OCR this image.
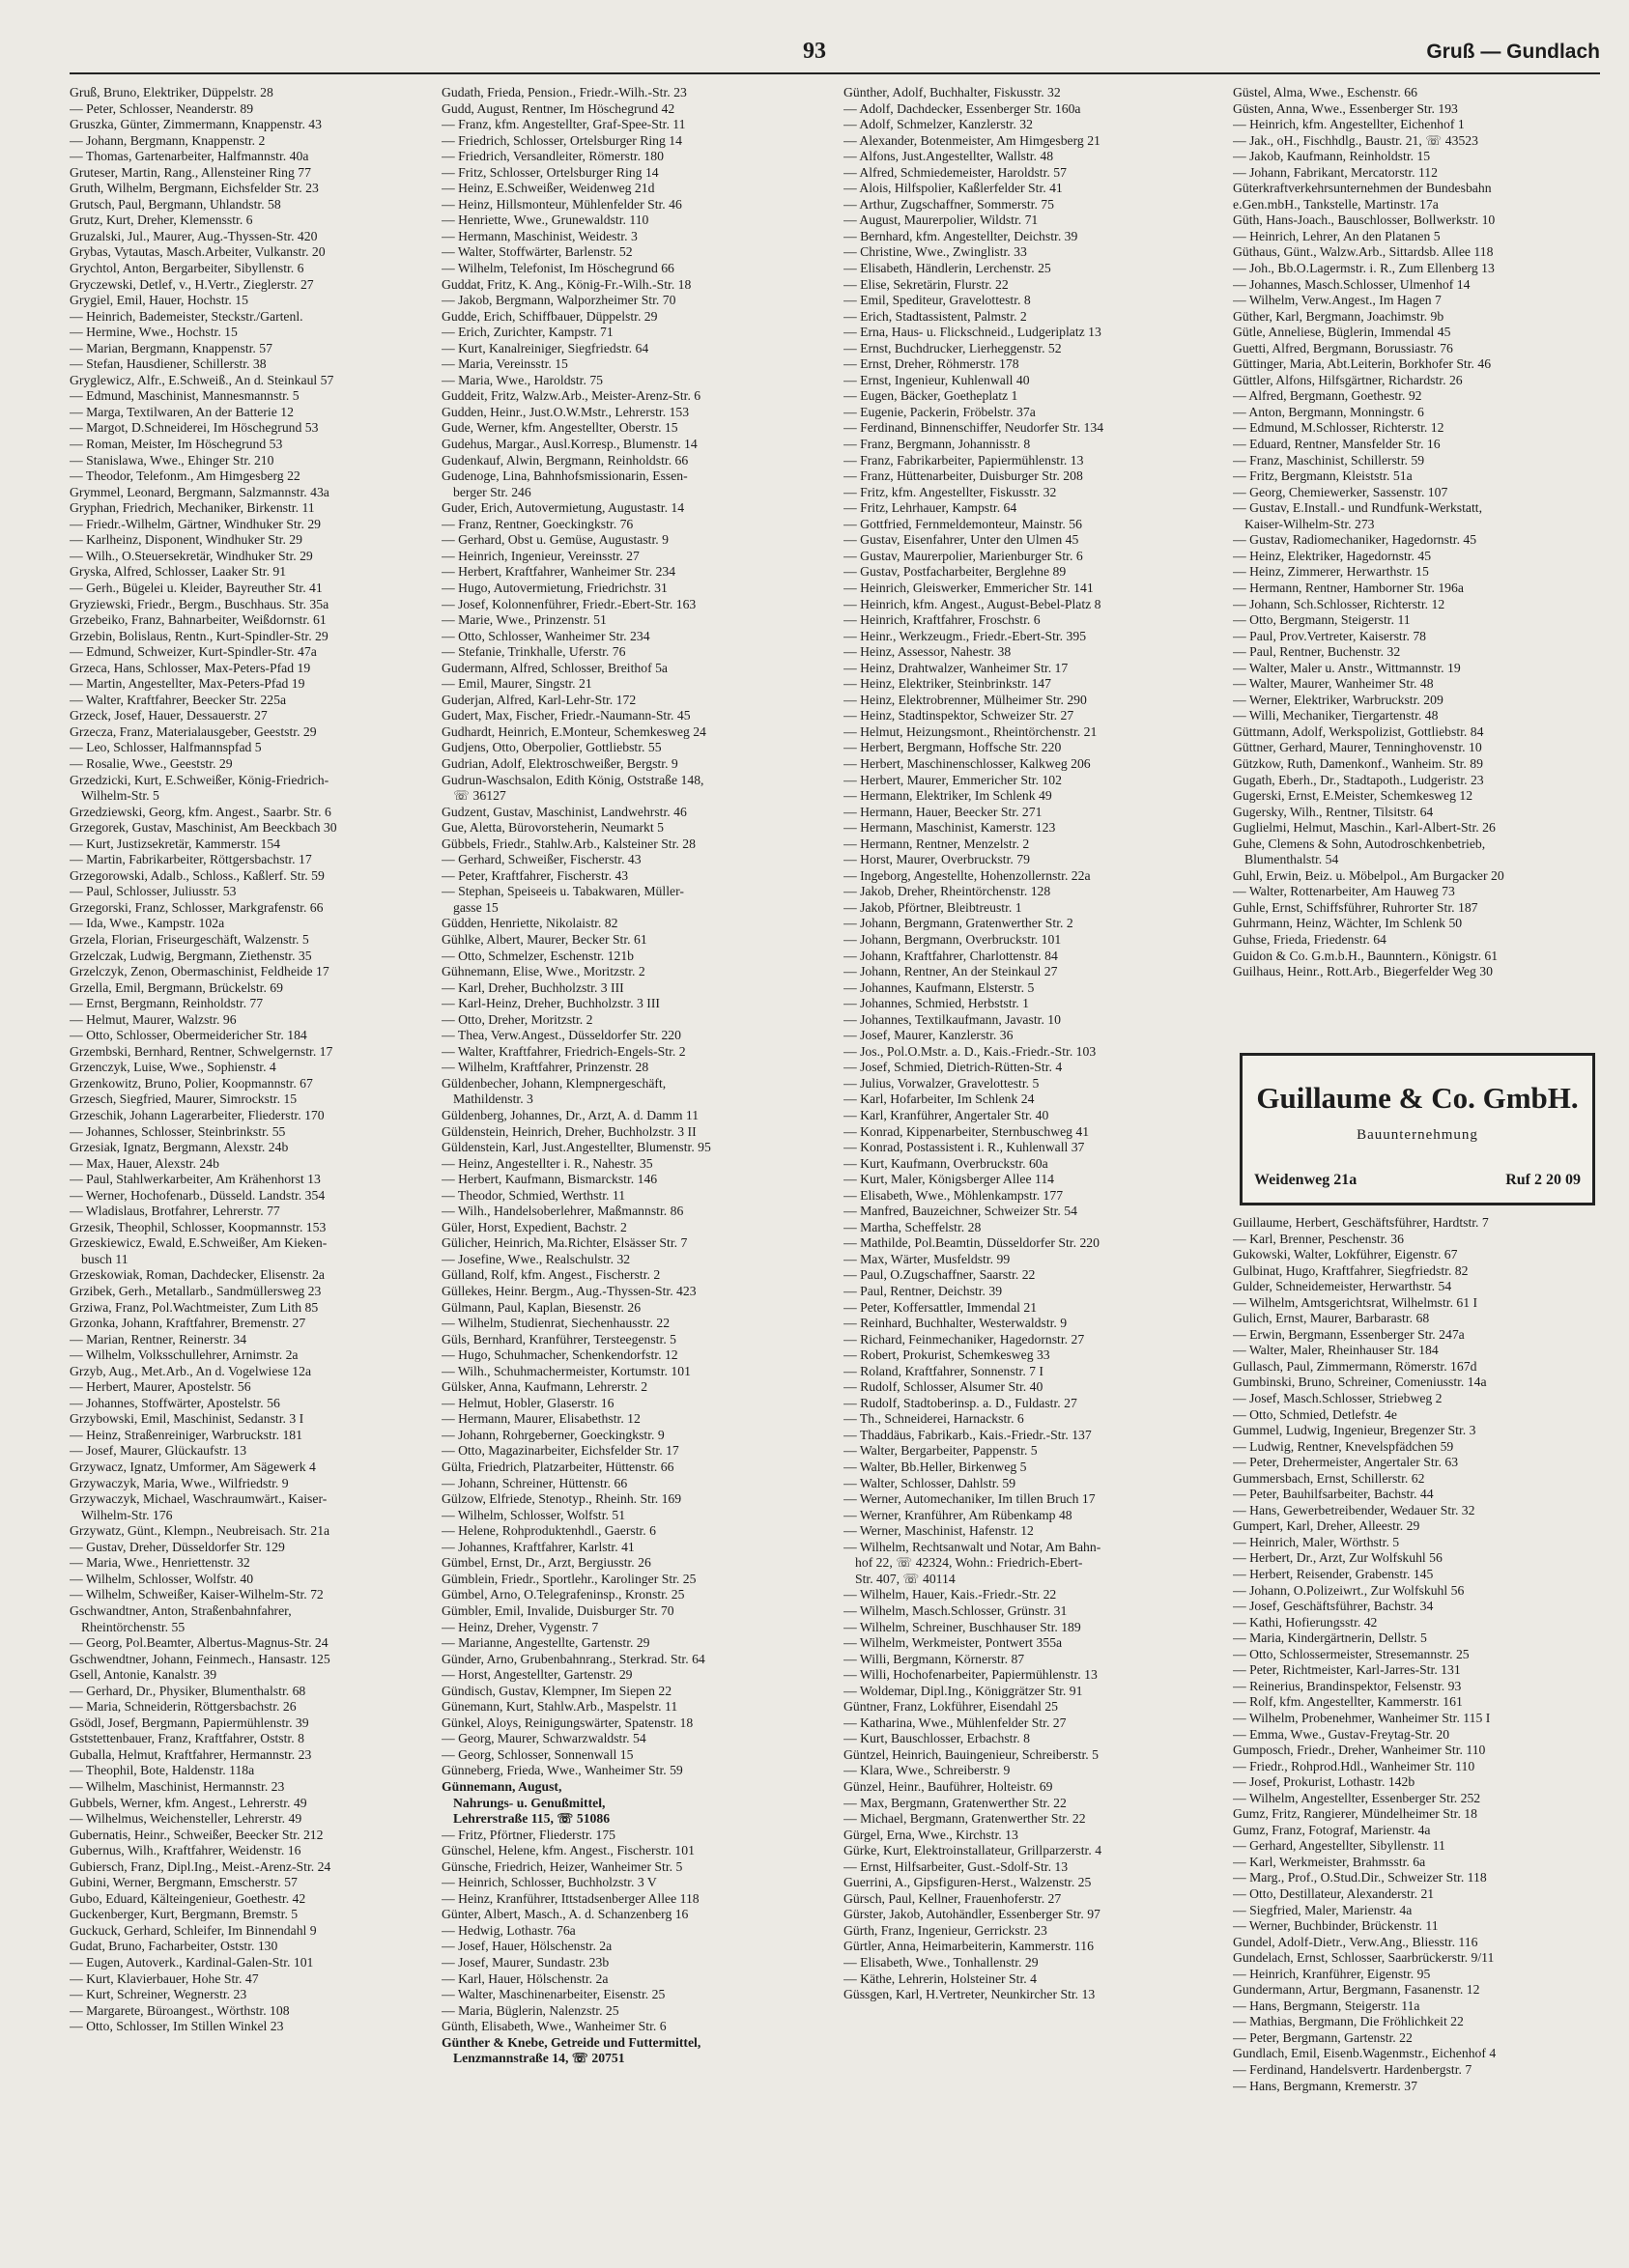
93	Gruß — Gundlach
Gruß, Bruno, Elektriker, Düppelstr. 28
— Peter, Schlosser, Neanderstr. 89
Gruszka, Günter, Zimmermann, Knappenstr. 43
— Johann, Bergmann, Knappenstr. 2
— Thomas, Gartenarbeiter, Halfmannstr. 40a
Gruteser, Martin, Rang., Allensteiner Ring 77
Gruth, Wilhelm, Bergmann, Eichsfelder Str. 23
Grutsch, Paul, Bergmann, Uhlandstr. 58
Grutz, Kurt, Dreher, Klemensstr. 6
Gruzalski, Jul., Maurer, Aug.-Thyssen-Str. 420
Grybas, Vytautas, Masch.Arbeiter, Vulkanstr. 20
Grychtol, Anton, Bergarbeiter, Sibyllenstr. 6
Gryczewski, Detlef, v., H.Vertr., Zieglerstr. 27
Grygiel, Emil, Hauer, Hochstr. 15
— Heinrich, Bademeister, Steckstr./Gartenl.
— Hermine, Wwe., Hochstr. 15
— Marian, Bergmann, Knappenstr. 57
— Stefan, Hausdiener, Schillerstr. 38
Gryglewicz, Alfr., E.Schweiß., An d. Steinkaul 57
— Edmund, Maschinist, Mannesmannstr. 5
— Marga, Textilwaren, An der Batterie 12
— Margot, D.Schneiderei, Im Höschegrund 53
— Roman, Meister, Im Höschegrund 53
— Stanislawa, Wwe., Ehinger Str. 210
— Theodor, Telefonm., Am Himgesberg 22
Grymmel, Leonard, Bergmann, Salzmannstr. 43a
Gryphan, Friedrich, Mechaniker, Birkenstr. 11
— Friedr.-Wilhelm, Gärtner, Windhuker Str. 29
— Karlheinz, Disponent, Windhuker Str. 29
— Wilh., O.Steuersekretär, Windhuker Str. 29
Gryska, Alfred, Schlosser, Laaker Str. 91
— Gerh., Bügelei u. Kleider, Bayreuther Str. 41
Gryziewski, Friedr., Bergm., Buschhaus. Str. 35a
Grzebeiko, Franz, Bahnarbeiter, Weißdornstr. 61
Grzebin, Bolislaus, Rentn., Kurt-Spindler-Str. 29
— Edmund, Schweizer, Kurt-Spindler-Str. 47a
Grzeca, Hans, Schlosser, Max-Peters-Pfad 19
— Martin, Angestellter, Max-Peters-Pfad 19
— Walter, Kraftfahrer, Beecker Str. 225a
Grzeck, Josef, Hauer, Dessauerstr. 27
Grzecza, Franz, Materialausgeber, Geeststr. 29
— Leo, Schlosser, Halfmannspfad 5
— Rosalie, Wwe., Geeststr. 29
Grzedzicki, Kurt, E.Schweißer, König-Friedrich-
Wilhelm-Str. 5
Grzedziewski, Georg, kfm. Angest., Saarbr. Str. 6
Grzegorek, Gustav, Maschinist, Am Beeckbach 30
— Kurt, Justizsekretär, Kammerstr. 154
— Martin, Fabrikarbeiter, Röttgersbachstr. 17
Grzegorowski, Adalb., Schloss., Kaßlerf. Str. 59
— Paul, Schlosser, Juliusstr. 53
Grzegorski, Franz, Schlosser, Markgrafenstr. 66
— Ida, Wwe., Kampstr. 102a
Grzela, Florian, Friseurgeschäft, Walzenstr. 5
Grzelczak, Ludwig, Bergmann, Ziethenstr. 35
Grzelczyk, Zenon, Obermaschinist, Feldheide 17
Grzella, Emil, Bergmann, Brückelstr. 69
— Ernst, Bergmann, Reinholdstr. 77
— Helmut, Maurer, Walzstr. 96
— Otto, Schlosser, Obermeidericher Str. 184
Grzembski, Bernhard, Rentner, Schwelgernstr. 17
Grzenczyk, Luise, Wwe., Sophienstr. 4
Grzenkowitz, Bruno, Polier, Koopmannstr. 67
Grzesch, Siegfried, Maurer, Simrockstr. 15
Grzeschik, Johann Lagerarbeiter, Fliederstr. 170
— Johannes, Schlosser, Steinbrinkstr. 55
Grzesiak, Ignatz, Bergmann, Alexstr. 24b
— Max, Hauer, Alexstr. 24b
— Paul, Stahlwerkarbeiter, Am Krähenhorst 13
— Werner, Hochofenarb., Düsseld. Landstr. 354
— Wladislaus, Brotfahrer, Lehrerstr. 77
Grzesik, Theophil, Schlosser, Koopmannstr. 153
Grzeskiewicz, Ewald, E.Schweißer, Am Kieken-
busch 11
Grzeskowiak, Roman, Dachdecker, Elisenstr. 2a
Grzibek, Gerh., Metallarb., Sandmüllersweg 23
Grziwa, Franz, Pol.Wachtmeister, Zum Lith 85
Grzonka, Johann, Kraftfahrer, Bremenstr. 27
— Marian, Rentner, Reinerstr. 34
— Wilhelm, Volksschullehrer, Arnimstr. 2a
Grzyb, Aug., Met.Arb., An d. Vogelwiese 12a
— Herbert, Maurer, Apostelstr. 56
— Johannes, Stoffwärter, Apostelstr. 56
Grzybowski, Emil, Maschinist, Sedanstr. 3 I
— Heinz, Straßenreiniger, Warbruckstr. 181
— Josef, Maurer, Glückaufstr. 13
Grzywacz, Ignatz, Umformer, Am Sägewerk 4
Grzywaczyk, Maria, Wwe., Wilfriedstr. 9
Grzywaczyk, Michael, Waschraumwärt., Kaiser-
Wilhelm-Str. 176
Grzywatz, Günt., Klempn., Neubreisach. Str. 21a
— Gustav, Dreher, Düsseldorfer Str. 129
— Maria, Wwe., Henriettenstr. 32
— Wilhelm, Schlosser, Wolfstr. 40
— Wilhelm, Schweißer, Kaiser-Wilhelm-Str. 72
Gschwandtner, Anton, Straßenbahnfahrer,
Rheintörchenstr. 55
— Georg, Pol.Beamter, Albertus-Magnus-Str. 24
Gschwendtner, Johann, Feinmech., Hansastr. 125
Gsell, Antonie, Kanalstr. 39
— Gerhard, Dr., Physiker, Blumenthalstr. 68
— Maria, Schneiderin, Röttgersbachstr. 26
Gsödl, Josef, Bergmann, Papiermühlenstr. 39
Gststettenbauer, Franz, Kraftfahrer, Oststr. 8
Guballa, Helmut, Kraftfahrer, Hermannstr. 23
— Theophil, Bote, Haldenstr. 118a
— Wilhelm, Maschinist, Hermannstr. 23
Gubbels, Werner, kfm. Angest., Lehrerstr. 49
— Wilhelmus, Weichensteller, Lehrerstr. 49
Gubernatis, Heinr., Schweißer, Beecker Str. 212
Gubernus, Wilh., Kraftfahrer, Weidenstr. 16
Gubiersch, Franz, Dipl.Ing., Meist.-Arenz-Str. 24
Gubini, Werner, Bergmann, Emscherstr. 57
Gubo, Eduard, Kälteingenieur, Goethestr. 42
Guckenberger, Kurt, Bergmann, Bremstr. 5
Guckuck, Gerhard, Schleifer, Im Binnendahl 9
Gudat, Bruno, Facharbeiter, Oststr. 130
— Eugen, Autoverk., Kardinal-Galen-Str. 101
— Kurt, Klavierbauer, Hohe Str. 47
— Kurt, Schreiner, Wegnerstr. 23
— Margarete, Büroangest., Wörthstr. 108
— Otto, Schlosser, Im Stillen Winkel 23
Gudath, Frieda, Pension., Friedr.-Wilh.-Str. 23
Gudd, August, Rentner, Im Höschegrund 42
— Franz, kfm. Angestellter, Graf-Spee-Str. 11
— Friedrich, Schlosser, Ortelsburger Ring 14
— Friedrich, Versandleiter, Römerstr. 180
— Fritz, Schlosser, Ortelsburger Ring 14
— Heinz, E.Schweißer, Weidenweg 21d
— Heinz, Hillsmonteur, Mühlenfelder Str. 46
— Henriette, Wwe., Grunewaldstr. 110
— Hermann, Maschinist, Weidestr. 3
— Walter, Stoffwärter, Barlenstr. 52
— Wilhelm, Telefonist, Im Höschegrund 66
Guddat, Fritz, K. Ang., König-Fr.-Wilh.-Str. 18
— Jakob, Bergmann, Walporzheimer Str. 70
Gudde, Erich, Schiffbauer, Düppelstr. 29
— Erich, Zurichter, Kampstr. 71
— Kurt, Kanalreiniger, Siegfriedstr. 64
— Maria, Vereinsstr. 15
— Maria, Wwe., Haroldstr. 75
Guddeit, Fritz, Walzw.Arb., Meister-Arenz-Str. 6
Gudden, Heinr., Just.O.W.Mstr., Lehrerstr. 153
Gude, Werner, kfm. Angestellter, Oberstr. 15
Gudehus, Margar., Ausl.Korresp., Blumenstr. 14
Gudenkauf, Alwin, Bergmann, Reinholdstr. 66
Gudenoge, Lina, Bahnhofsmissionarin, Essen-
berger Str. 246
Guder, Erich, Autovermietung, Augustastr. 14
— Franz, Rentner, Goeckingkstr. 76
— Gerhard, Obst u. Gemüse, Augustastr. 9
— Heinrich, Ingenieur, Vereinsstr. 27
— Herbert, Kraftfahrer, Wanheimer Str. 234
— Hugo, Autovermietung, Friedrichstr. 31
— Josef, Kolonnenführer, Friedr.-Ebert-Str. 163
— Marie, Wwe., Prinzenstr. 51
— Otto, Schlosser, Wanheimer Str. 234
— Stefanie, Trinkhalle, Uferstr. 76
Gudermann, Alfred, Schlosser, Breithof 5a
— Emil, Maurer, Singstr. 21
Guderjan, Alfred, Karl-Lehr-Str. 172
Gudert, Max, Fischer, Friedr.-Naumann-Str. 45
Gudhardt, Heinrich, E.Monteur, Schemkesweg 24
Gudjens, Otto, Oberpolier, Gottliebstr. 55
Gudrian, Adolf, Elektroschweißer, Bergstr. 9
Gudrun-Waschsalon, Edith König, Oststraße 148,
☏ 36127
Gudzent, Gustav, Maschinist, Landwehrstr. 46
Gue, Aletta, Bürovorsteherin, Neumarkt 5
Gübbels, Friedr., Stahlw.Arb., Kalsteiner Str. 28
— Gerhard, Schweißer, Fischerstr. 43
— Peter, Kraftfahrer, Fischerstr. 43
— Stephan, Speiseeis u. Tabakwaren, Müller-
gasse 15
Güdden, Henriette, Nikolaistr. 82
Gühlke, Albert, Maurer, Becker Str. 61
— Otto, Schmelzer, Eschenstr. 121b
Gühnemann, Elise, Wwe., Moritzstr. 2
— Karl, Dreher, Buchholzstr. 3 III
— Karl-Heinz, Dreher, Buchholzstr. 3 III
— Otto, Dreher, Moritzstr. 2
— Thea, Verw.Angest., Düsseldorfer Str. 220
— Walter, Kraftfahrer, Friedrich-Engels-Str. 2
— Wilhelm, Kraftfahrer, Prinzenstr. 28
Güldenbecher, Johann, Klempnergeschäft,
Mathildenstr. 3
Güldenberg, Johannes, Dr., Arzt, A. d. Damm 11
Güldenstein, Heinrich, Dreher, Buchholzstr. 3 II
Güldenstein, Karl, Just.Angestellter, Blumenstr. 95
— Heinz, Angestellter i. R., Nahestr. 35
— Herbert, Kaufmann, Bismarckstr. 146
— Theodor, Schmied, Werthstr. 11
— Wilh., Handelsoberlehrer, Maßmannstr. 86
Güler, Horst, Expedient, Bachstr. 2
Gülicher, Heinrich, Ma.Richter, Elsässer Str. 7
— Josefine, Wwe., Realschulstr. 32
Gülland, Rolf, kfm. Angest., Fischerstr. 2
Güllekes, Heinr. Bergm., Aug.-Thyssen-Str. 423
Gülmann, Paul, Kaplan, Biesenstr. 26
— Wilhelm, Studienrat, Siechenhausstr. 22
Güls, Bernhard, Kranführer, Tersteegenstr. 5
— Hugo, Schuhmacher, Schenkendorfstr. 12
— Wilh., Schuhmachermeister, Kortumstr. 101
Gülsker, Anna, Kaufmann, Lehrerstr. 2
— Helmut, Hobler, Glaserstr. 16
— Hermann, Maurer, Elisabethstr. 12
— Johann, Rohrgeberner, Goeckingkstr. 9
— Otto, Magazinarbeiter, Eichsfelder Str. 17
Gülta, Friedrich, Platzarbeiter, Hüttenstr. 66
— Johann, Schreiner, Hüttenstr. 66
Gülzow, Elfriede, Stenotyp., Rheinh. Str. 169
— Wilhelm, Schlosser, Wolfstr. 51
— Helene, Rohproduktenhdl., Gaerstr. 6
— Johannes, Kraftfahrer, Karlstr. 41
Gümbel, Ernst, Dr., Arzt, Bergiusstr. 26
Gümblein, Friedr., Sportlehr., Karolinger Str. 25
Gümbel, Arno, O.Telegrafeninsp., Kronstr. 25
Gümbler, Emil, Invalide, Duisburger Str. 70
— Heinz, Dreher, Vygenstr. 7
— Marianne, Angestellte, Gartenstr. 29
Günder, Arno, Grubenbahnrang., Sterkrad. Str. 64
— Horst, Angestellter, Gartenstr. 29
Gündisch, Gustav, Klempner, Im Siepen 22
Günemann, Kurt, Stahlw.Arb., Maspelstr. 11
Günkel, Aloys, Reinigungswärter, Spatenstr. 18
— Georg, Maurer, Schwarzwaldstr. 54
— Georg, Schlosser, Sonnenwall 15
Günneberg, Frieda, Wwe., Wanheimer Str. 59
Günnemann, August,
Nahrungs- u. Genußmittel,
Lehrerstraße 115, ☏ 51086
— Fritz, Pförtner, Fliederstr. 175
Günschel, Helene, kfm. Angest., Fischerstr. 101
Günsche, Friedrich, Heizer, Wanheimer Str. 5
— Heinrich, Schlosser, Buchholzstr. 3 V
— Heinz, Kranführer, Ittstadsenberger Allee 118
Günter, Albert, Masch., A. d. Schanzenberg 16
— Hedwig, Lothastr. 76a
— Josef, Hauer, Hölschenstr. 2a
— Josef, Maurer, Sundastr. 23b
— Karl, Hauer, Hölschenstr. 2a
— Walter, Maschinenarbeiter, Eisenstr. 25
— Maria, Büglerin, Nalenzstr. 25
Günth, Elisabeth, Wwe., Wanheimer Str. 6
Günther & Knebe, Getreide und Futtermittel,
Lenzmannstraße 14, ☏ 20751
Günther, Adolf, Buchhalter, Fiskusstr. 32
— Adolf, Dachdecker, Essenberger Str. 160a
— Adolf, Schmelzer, Kanzlerstr. 32
— Alexander, Botenmeister, Am Himgesberg 21
— Alfons, Just.Angestellter, Wallstr. 48
— Alfred, Schmiedemeister, Haroldstr. 57
— Alois, Hilfspolier, Kaßlerfelder Str. 41
— Arthur, Zugschaffner, Sommerstr. 75
— August, Maurerpolier, Wildstr. 71
— Bernhard, kfm. Angestellter, Deichstr. 39
— Christine, Wwe., Zwinglistr. 33
— Elisabeth, Händlerin, Lerchenstr. 25
— Elise, Sekretärin, Flurstr. 22
— Emil, Spediteur, Gravelottestr. 8
— Erich, Stadtassistent, Palmstr. 2
— Erna, Haus- u. Flickschneid., Ludgeriplatz 13
— Ernst, Buchdrucker, Lierheggenstr. 52
— Ernst, Dreher, Röhmerstr. 178
— Ernst, Ingenieur, Kuhlenwall 40
— Eugen, Bäcker, Goetheplatz 1
— Eugenie, Packerin, Fröbelstr. 37a
— Ferdinand, Binnenschiffer, Neudorfer Str. 134
— Franz, Bergmann, Johannisstr. 8
— Franz, Fabrikarbeiter, Papiermühlenstr. 13
— Franz, Hüttenarbeiter, Duisburger Str. 208
— Fritz, kfm. Angestellter, Fiskusstr. 32
— Fritz, Lehrhauer, Kampstr. 64
— Gottfried, Fernmeldemonteur, Mainstr. 56
— Gustav, Eisenfahrer, Unter den Ulmen 45
— Gustav, Maurerpolier, Marienburger Str. 6
— Gustav, Postfacharbeiter, Berglehne 89
— Heinrich, Gleiswerker, Emmericher Str. 141
— Heinrich, kfm. Angest., August-Bebel-Platz 8
— Heinrich, Kraftfahrer, Froschstr. 6
— Heinr., Werkzeugm., Friedr.-Ebert-Str. 395
— Heinz, Assessor, Nahestr. 38
— Heinz, Drahtwalzer, Wanheimer Str. 17
— Heinz, Elektriker, Steinbrinkstr. 147
— Heinz, Elektrobrenner, Mülheimer Str. 290
— Heinz, Stadtinspektor, Schweizer Str. 27
— Helmut, Heizungsmont., Rheintörchenstr. 21
— Herbert, Bergmann, Hoffsche Str. 220
— Herbert, Maschinenschlosser, Kalkweg 206
— Herbert, Maurer, Emmericher Str. 102
— Hermann, Elektriker, Im Schlenk 49
— Hermann, Hauer, Beecker Str. 271
— Hermann, Maschinist, Kamerstr. 123
— Hermann, Rentner, Menzelstr. 2
— Horst, Maurer, Overbruckstr. 79
— Ingeborg, Angestellte, Hohenzollernstr. 22a
— Jakob, Dreher, Rheintörchenstr. 128
— Jakob, Pförtner, Bleibtreustr. 1
— Johann, Bergmann, Gratenwerther Str. 2
— Johann, Bergmann, Overbruckstr. 101
— Johann, Kraftfahrer, Charlottenstr. 84
— Johann, Rentner, An der Steinkaul 27
— Johannes, Kaufmann, Elsterstr. 5
— Johannes, Schmied, Herbststr. 1
— Johannes, Textilkaufmann, Javastr. 10
— Josef, Maurer, Kanzlerstr. 36
— Jos., Pol.O.Mstr. a. D., Kais.-Friedr.-Str. 103
— Josef, Schmied, Dietrich-Rütten-Str. 4
— Julius, Vorwalzer, Gravelottestr. 5
— Karl, Hofarbeiter, Im Schlenk 24
— Karl, Kranführer, Angertaler Str. 40
— Konrad, Kippenarbeiter, Sternbuschweg 41
— Konrad, Postassistent i. R., Kuhlenwall 37
— Kurt, Kaufmann, Overbruckstr. 60a
— Kurt, Maler, Königsberger Allee 114
— Elisabeth, Wwe., Möhlenkampstr. 177
— Manfred, Bauzeichner, Schweizer Str. 54
— Martha, Scheffelstr. 28
— Mathilde, Pol.Beamtin, Düsseldorfer Str. 220
— Max, Wärter, Musfeldstr. 99
— Paul, O.Zugschaffner, Saarstr. 22
— Paul, Rentner, Deichstr. 39
— Peter, Koffersattler, Immendal 21
— Reinhard, Buchhalter, Westerwaldstr. 9
— Richard, Feinmechaniker, Hagedornstr. 27
— Robert, Prokurist, Schemkesweg 33
— Roland, Kraftfahrer, Sonnenstr. 7 I
— Rudolf, Schlosser, Alsumer Str. 40
— Rudolf, Stadtoberinsp. a. D., Fuldastr. 27
— Th., Schneiderei, Harnackstr. 6
— Thaddäus, Fabrikarb., Kais.-Friedr.-Str. 137
— Walter, Bergarbeiter, Pappenstr. 5
— Walter, Bb.Heller, Birkenweg 5
— Walter, Schlosser, Dahlstr. 59
— Werner, Automechaniker, Im tillen Bruch 17
— Werner, Kranführer, Am Rübenkamp 48
— Werner, Maschinist, Hafenstr. 12
— Wilhelm, Rechtsanwalt und Notar, Am Bahn-
hof 22, ☏ 42324, Wohn.: Friedrich-Ebert-
Str. 407, ☏ 40114
— Wilhelm, Hauer, Kais.-Friedr.-Str. 22
— Wilhelm, Masch.Schlosser, Grünstr. 31
— Wilhelm, Schreiner, Buschhauser Str. 189
— Wilhelm, Werkmeister, Pontwert 355a
— Willi, Bergmann, Körnerstr. 87
— Willi, Hochofenarbeiter, Papiermühlenstr. 13
— Woldemar, Dipl.Ing., Königgrätzer Str. 91
Güntner, Franz, Lokführer, Eisendahl 25
— Katharina, Wwe., Mühlenfelder Str. 27
— Kurt, Bauschlosser, Erbachstr. 8
Güntzel, Heinrich, Bauingenieur, Schreiberstr. 5
— Klara, Wwe., Schreiberstr. 9
Günzel, Heinr., Bauführer, Holteistr. 69
— Max, Bergmann, Gratenwerther Str. 22
— Michael, Bergmann, Gratenwerther Str. 22
Gürgel, Erna, Wwe., Kirchstr. 13
Gürke, Kurt, Elektroinstallateur, Grillparzerstr. 4
— Ernst, Hilfsarbeiter, Gust.-Sdolf-Str. 13
Guerrini, A., Gipsfiguren-Herst., Walzenstr. 25
Gürsch, Paul, Kellner, Frauenhoferstr. 27
Gürster, Jakob, Autohändler, Essenberger Str. 97
Gürth, Franz, Ingenieur, Gerrickstr. 23
Gürtler, Anna, Heimarbeiterin, Kammerstr. 116
— Elisabeth, Wwe., Tonhallenstr. 29
— Käthe, Lehrerin, Holsteiner Str. 4
Güssgen, Karl, H.Vertreter, Neunkircher Str. 13
Güstel, Alma, Wwe., Eschenstr. 66
Güsten, Anna, Wwe., Essenberger Str. 193
— Heinrich, kfm. Angestellter, Eichenhof 1
— Jak., oH., Fischhdlg., Baustr. 21, ☏ 43523
— Jakob, Kaufmann, Reinholdstr. 15
— Johann, Fabrikant, Mercatorstr. 112
Güterkraftverkehrsunternehmen der Bundesbahn
e.Gen.mbH., Tankstelle, Martinstr. 17a
Güth, Hans-Joach., Bauschlosser, Bollwerkstr. 10
— Heinrich, Lehrer, An den Platanen 5
Güthaus, Günt., Walzw.Arb., Sittardsb. Allee 118
— Joh., Bb.O.Lagermstr. i. R., Zum Ellenberg 13
— Johannes, Masch.Schlosser, Ulmenhof 14
— Wilhelm, Verw.Angest., Im Hagen 7
Güther, Karl, Bergmann, Joachimstr. 9b
Gütle, Anneliese, Büglerin, Immendal 45
Guetti, Alfred, Bergmann, Borussiastr. 76
Güttinger, Maria, Abt.Leiterin, Borkhofer Str. 46
Güttler, Alfons, Hilfsgärtner, Richardstr. 26
— Alfred, Bergmann, Goethestr. 92
— Anton, Bergmann, Monningstr. 6
— Edmund, M.Schlosser, Richterstr. 12
— Eduard, Rentner, Mansfelder Str. 16
— Franz, Maschinist, Schillerstr. 59
— Fritz, Bergmann, Kleiststr. 51a
— Georg, Chemiewerker, Sassenstr. 107
— Gustav, E.Install.- und Rundfunk-Werkstatt,
Kaiser-Wilhelm-Str. 273
— Gustav, Radiomechaniker, Hagedornstr. 45
— Heinz, Elektriker, Hagedornstr. 45
— Heinz, Zimmerer, Herwarthstr. 15
— Hermann, Rentner, Hamborner Str. 196a
— Johann, Sch.Schlosser, Richterstr. 12
— Otto, Bergmann, Steigerstr. 11
— Paul, Prov.Vertreter, Kaiserstr. 78
— Paul, Rentner, Buchenstr. 32
— Walter, Maler u. Anstr., Wittmannstr. 19
— Walter, Maurer, Wanheimer Str. 48
— Werner, Elektriker, Warbruckstr. 209
— Willi, Mechaniker, Tiergartenstr. 48
Güttmann, Adolf, Werkspolizist, Gottliebstr. 84
Güttner, Gerhard, Maurer, Tenninghovenstr. 10
Gützkow, Ruth, Damenkonf., Wanheim. Str. 89
Gugath, Eberh., Dr., Stadtapoth., Ludgeristr. 23
Gugerski, Ernst, E.Meister, Schemkesweg 12
Gugersky, Wilh., Rentner, Tilsitstr. 64
Guglielmi, Helmut, Maschin., Karl-Albert-Str. 26
Guhe, Clemens & Sohn, Autodroschkenbetrieb,
Blumenthalstr. 54
Guhl, Erwin, Beiz. u. Möbelpol., Am Burgacker 20
— Walter, Rottenarbeiter, Am Hauweg 73
Guhle, Ernst, Schiffsführer, Ruhrorter Str. 187
Guhrmann, Heinz, Wächter, Im Schlenk 50
Guhse, Frieda, Friedenstr. 64
Guidon & Co. G.m.b.H., Baunntern., Königstr. 61
Guilhaus, Heinr., Rott.Arb., Biegerfelder Weg 30
Guillaume & Co. GmbH.
Bauunternehmung
Weidenweg 21a	Ruf 2 20 09
Guillaume, Herbert, Geschäftsführer, Hardtstr. 7
— Karl, Brenner, Peschenstr. 36
Gukowski, Walter, Lokführer, Eigenstr. 67
Gulbinat, Hugo, Kraftfahrer, Siegfriedstr. 82
Gulder, Schneidemeister, Herwarthstr. 54
— Wilhelm, Amtsgerichtsrat, Wilhelmstr. 61 I
Gulich, Ernst, Maurer, Barbarastr. 68
— Erwin, Bergmann, Essenberger Str. 247a
— Walter, Maler, Rheinhauser Str. 184
Gullasch, Paul, Zimmermann, Römerstr. 167d
Gumbinski, Bruno, Schreiner, Comeniusstr. 14a
— Josef, Masch.Schlosser, Striebweg 2
— Otto, Schmied, Detlefstr. 4e
Gummel, Ludwig, Ingenieur, Bregenzer Str. 3
— Ludwig, Rentner, Knevelspfädchen 59
— Peter, Drehermeister, Angertaler Str. 63
Gummersbach, Ernst, Schillerstr. 62
— Peter, Bauhilfsarbeiter, Bachstr. 44
— Hans, Gewerbetreibender, Wedauer Str. 32
Gumpert, Karl, Dreher, Alleestr. 29
— Heinrich, Maler, Wörthstr. 5
— Herbert, Dr., Arzt, Zur Wolfskuhl 56
— Herbert, Reisender, Grabenstr. 145
— Johann, O.Polizeiwrt., Zur Wolfskuhl 56
— Josef, Geschäftsführer, Bachstr. 34
— Kathi, Hofierungsstr. 42
— Maria, Kindergärtnerin, Dellstr. 5
— Otto, Schlossermeister, Stresemannstr. 25
— Peter, Richtmeister, Karl-Jarres-Str. 131
— Reinerius, Brandinspektor, Felsenstr. 93
— Rolf, kfm. Angestellter, Kammerstr. 161
— Wilhelm, Probenehmer, Wanheimer Str. 115 I
— Emma, Wwe., Gustav-Freytag-Str. 20
Gumposch, Friedr., Dreher, Wanheimer Str. 110
— Friedr., Rohprod.Hdl., Wanheimer Str. 110
— Josef, Prokurist, Lothastr. 142b
— Wilhelm, Angestellter, Essenberger Str. 252
Gumz, Fritz, Rangierer, Mündelheimer Str. 18
Gumz, Franz, Fotograf, Marienstr. 4a
— Gerhard, Angestellter, Sibyllenstr. 11
— Karl, Werkmeister, Brahmsstr. 6a
— Marg., Prof., O.Stud.Dir., Schweizer Str. 118
— Otto, Destillateur, Alexanderstr. 21
— Siegfried, Maler, Marienstr. 4a
— Werner, Buchbinder, Brückenstr. 11
Gundel, Adolf-Dietr., Verw.Ang., Bliesstr. 116
Gundelach, Ernst, Schlosser, Saarbrückerstr. 9/11
— Heinrich, Kranführer, Eigenstr. 95
Gundermann, Artur, Bergmann, Fasanenstr. 12
— Hans, Bergmann, Steigerstr. 11a
— Mathias, Bergmann, Die Fröhlichkeit 22
— Peter, Bergmann, Gartenstr. 22
Gundlach, Emil, Eisenb.Wagenmstr., Eichenhof 4
— Ferdinand, Handelsvertr. Hardenbergstr. 7
— Hans, Bergmann, Kremerstr. 37
